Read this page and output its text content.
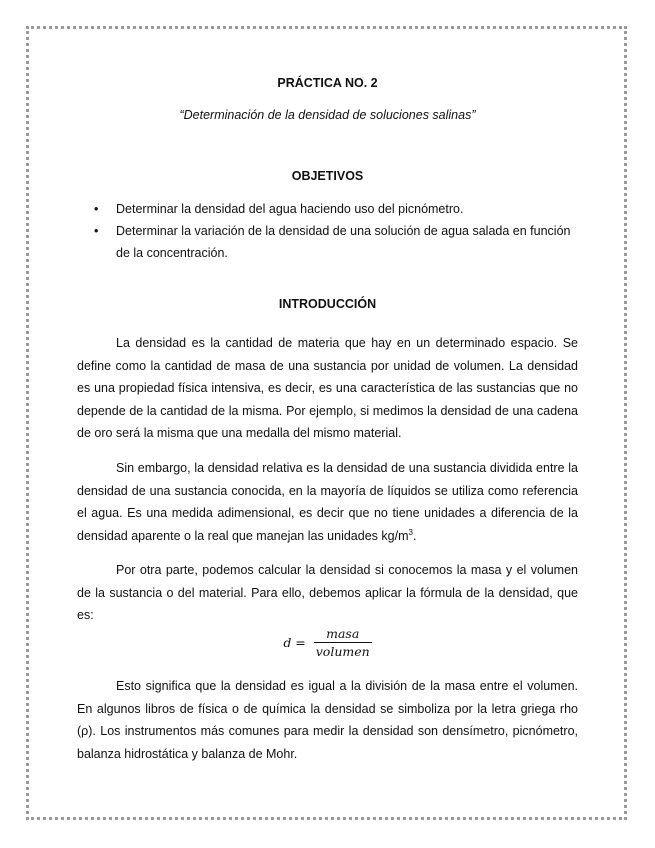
PRÁCTICA NO. 2
“Determinación de la densidad de soluciones salinas”
OBJETIVOS
• Determinar la densidad del agua haciendo uso del picnómetro.
• Determinar la variación de la densidad de una solución de agua salada en función de la concentración.
INTRODUCCIÓN

La densidad es la cantidad de materia que hay en un determinado espacio. Se define como la cantidad de masa de una sustancia por unidad de volumen. La densidad es una propiedad física intensiva, es decir, es una característica de las sustancias que no depende de la cantidad de la misma. Por ejemplo, si medimos la densidad de una cadena de oro será la misma que una medalla del mismo material.

Sin embargo, la densidad relativa es la densidad de una sustancia dividida entre la densidad de una sustancia conocida, en la mayoría de líquidos se utiliza como referencia el agua. Es una medida adimensional, es decir que no tiene unidades a diferencia de la densidad aparente o la real que manejan las unidades $kg/m^3$.

Por otra parte, podemos calcular la densidad si conocemos la masa y el volumen de la sustancia o del material. Para ello, debemos aplicar la fórmula de la densidad, que es:

$d = \frac{\text{masa}}{\text{volumen}}$

Esto significa que la densidad es igual a la división de la masa entre el volumen. En algunos libros de física o de química la densidad se simboliza por la letra griega rho (ρ). Los instrumentos más comunes para medir la densidad son densímetro, picnómetro, balanza hidrostática y balanza de Mohr.
